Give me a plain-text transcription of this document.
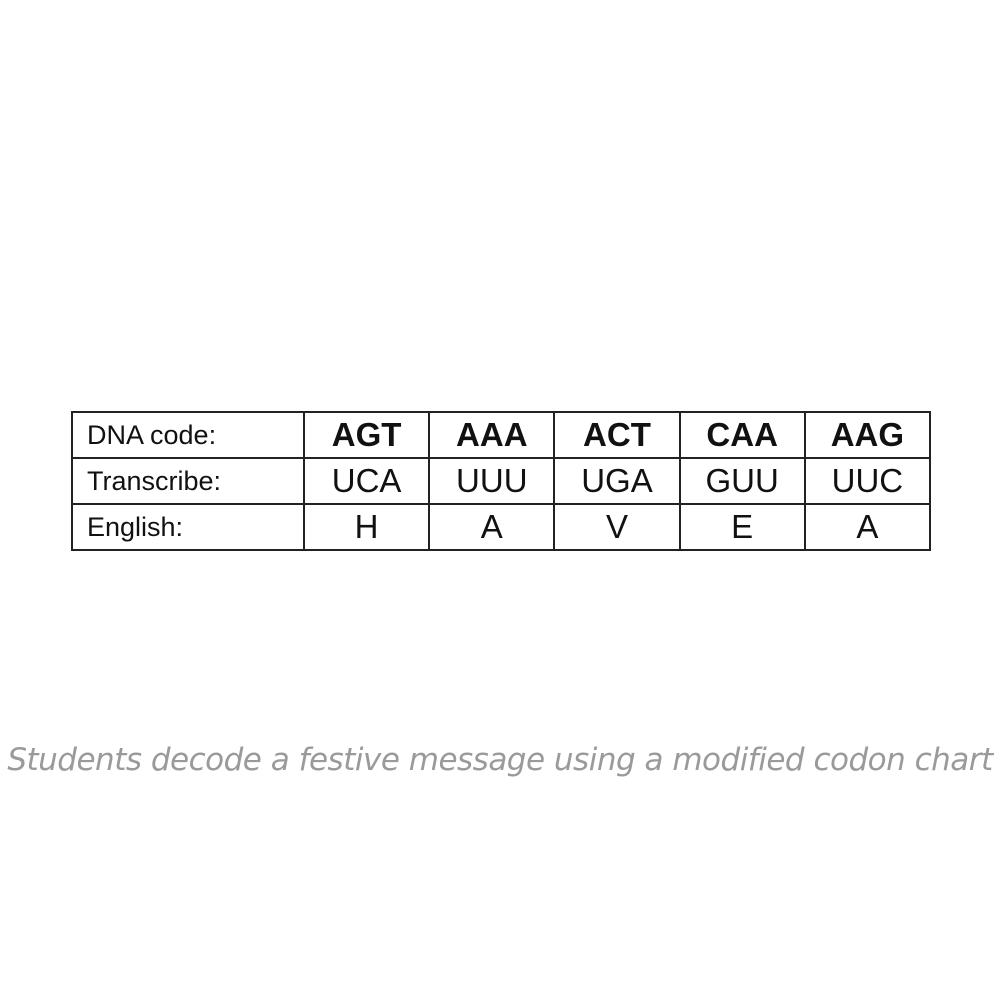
DNA code:	AGT	AAA	ACT	CAA	AAG
Transcribe:	UCA	UUU	UGA	GUU	UUC
English:	H	A	V	E	A
Students decode a festive message using a modified codon chart
